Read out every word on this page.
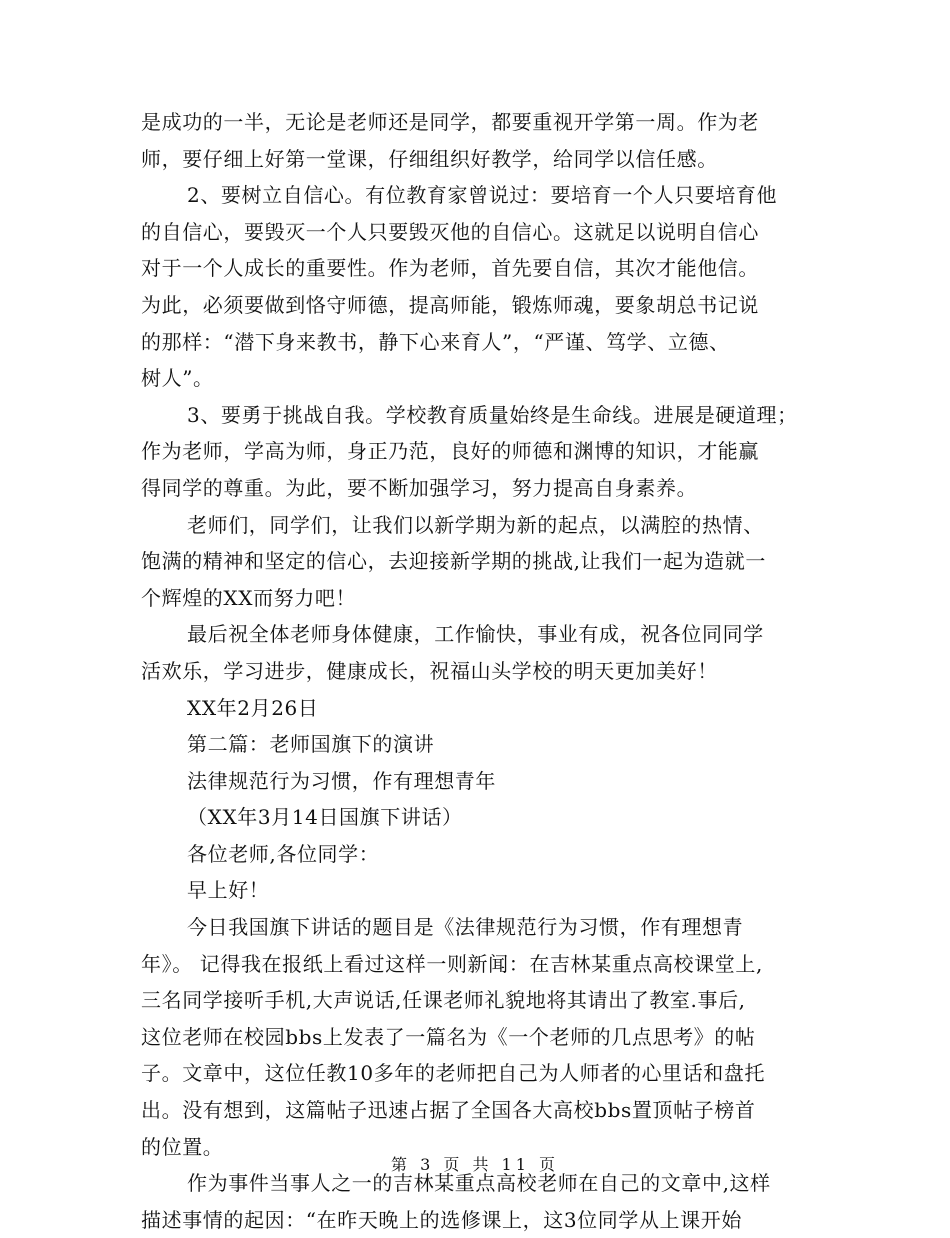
是成功的一半，无论是老师还是同学，都要重视开学第一周。作为老
师，要仔细上好第一堂课，仔细组织好教学，给同学以信任感。
2、要树立自信心。有位教育家曾说过：要培育一个人只要培育他
的自信心，要毁灭一个人只要毁灭他的自信心。这就足以说明自信心
对于一个人成长的重要性。作为老师，首先要自信，其次才能他信。
为此，必须要做到恪守师德，提高师能，锻炼师魂，要象胡总书记说
的那样：“潜下身来教书，静下心来育人”，“严谨、笃学、立德、
树人”。
3、要勇于挑战自我。学校教育质量始终是生命线。进展是硬道理；
作为老师，学高为师，身正乃范，良好的师德和渊博的知识，才能赢
得同学的尊重。为此，要不断加强学习，努力提高自身素养。
老师们，同学们，让我们以新学期为新的起点，以满腔的热情、
饱满的精神和坚定的信心，去迎接新学期的挑战,让我们一起为造就一
个辉煌的XX而努力吧！
最后祝全体老师身体健康，工作愉快，事业有成，祝各位同同学
活欢乐，学习进步，健康成长，祝福山头学校的明天更加美好！
XX年2月26日
第二篇：老师国旗下的演讲
法律规范行为习惯，作有理想青年
（XX年3月14日国旗下讲话）
各位老师,各位同学：
早上好！
今日我国旗下讲话的题目是《法律规范行为习惯，作有理想青
年》。 记得我在报纸上看过这样一则新闻：在吉林某重点高校课堂上,
三名同学接听手机,大声说话,任课老师礼貌地将其请出了教室.事后,
这位老师在校园bbs上发表了一篇名为《一个老师的几点思考》的帖
子。文章中，这位任教10多年的老师把自己为人师者的心里话和盘托
出。没有想到，这篇帖子迅速占据了全国各大高校bbs置顶帖子榜首
的位置。
作为事件当事人之一的吉林某重点高校老师在自己的文章中,这样
描述事情的起因：“在昨天晚上的选修课上，这3位同学从上课开始
第 3 页 共 11 页
